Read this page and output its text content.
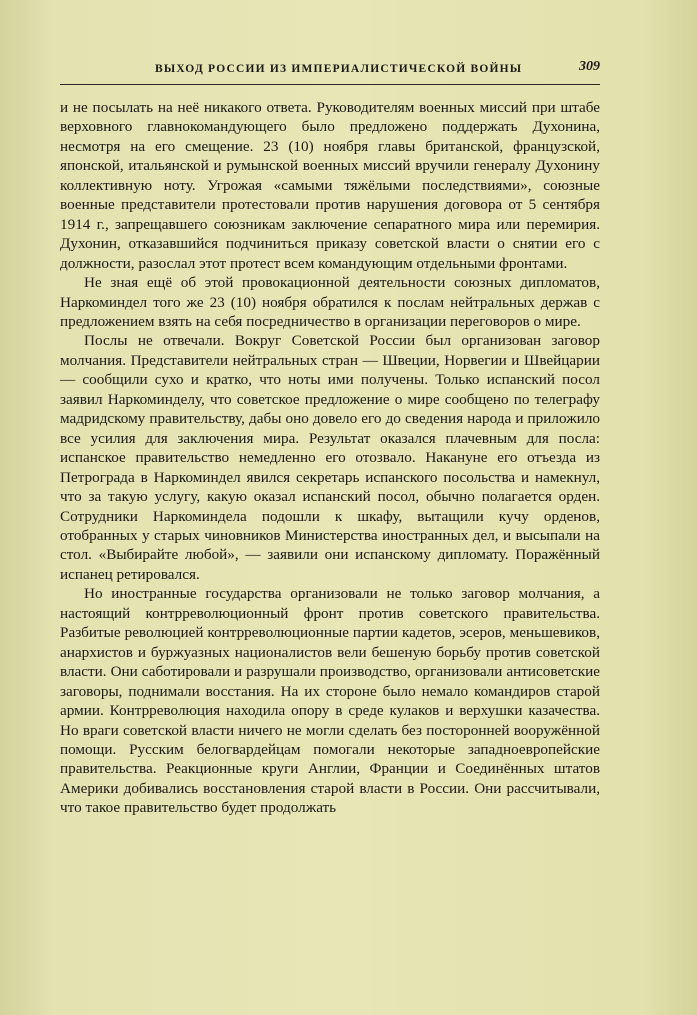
ВЫХОД РОССИИ ИЗ ИМПЕРИАЛИСТИЧЕСКОЙ ВОЙНЫ	309

и не посылать на неё никакого ответа. Руководителям военных миссий при штабе верховного главнокомандующего было предложено поддержать Духонина, несмотря на его смещение. 23 (10) ноября главы британской, французской, японской, итальянской и румынской военных миссий вручили генералу Духонину коллективную ноту. Угрожая «самыми тяжёлыми последствиями», союзные военные представители протестовали против нарушения договора от 5 сентября 1914 г., запрещавшего союзникам заключение сепаратного мира или перемирия. Духонин, отказавшийся подчиниться приказу советской власти о снятии его с должности, разослал этот протест всем командующим отдельными фронтами.

Не зная ещё об этой провокационной деятельности союзных дипломатов, Наркоминдел того же 23 (10) ноября обратился к послам нейтральных держав с предложением взять на себя посредничество в организации переговоров о мире.

Послы не отвечали. Вокруг Советской России был организован заговор молчания. Представители нейтральных стран — Швеции, Норвегии и Швейцарии — сообщили сухо и кратко, что ноты ими получены. Только испанский посол заявил Наркоминделу, что советское предложение о мире сообщено по телеграфу мадридскому правительству, дабы оно довело его до сведения народа и приложило все усилия для заключения мира. Результат оказался плачевным для посла: испанское правительство немедленно его отозвало. Накануне его отъезда из Петрограда в Наркоминдел явился секретарь испанского посольства и намекнул, что за такую услугу, какую оказал испанский посол, обычно полагается орден. Сотрудники Наркоминдела подошли к шкафу, вытащили кучу орденов, отобранных у старых чиновников Министерства иностранных дел, и высыпали на стол. «Выбирайте любой», — заявили они испанскому дипломату. Поражённый испанец ретировался.

Но иностранные государства организовали не только заговор молчания, а настоящий контрреволюционный фронт против советского правительства. Разбитые революцией контрреволюционные партии кадетов, эсеров, меньшевиков, анархистов и буржуазных националистов вели бешеную борьбу против советской власти. Они саботировали и разрушали производство, организовали антисоветские заговоры, поднимали восстания. На их стороне было немало командиров старой армии. Контрреволюция находила опору в среде кулаков и верхушки казачества. Но враги советской власти ничего не могли сделать без посторонней вооружённой помощи. Русским белогвардейцам помогали некоторые западноевропейские правительства. Реакционные круги Англии, Франции и Соединённых штатов Америки добивались восстановления старой власти в России. Они рассчитывали, что такое правительство будет продолжать
